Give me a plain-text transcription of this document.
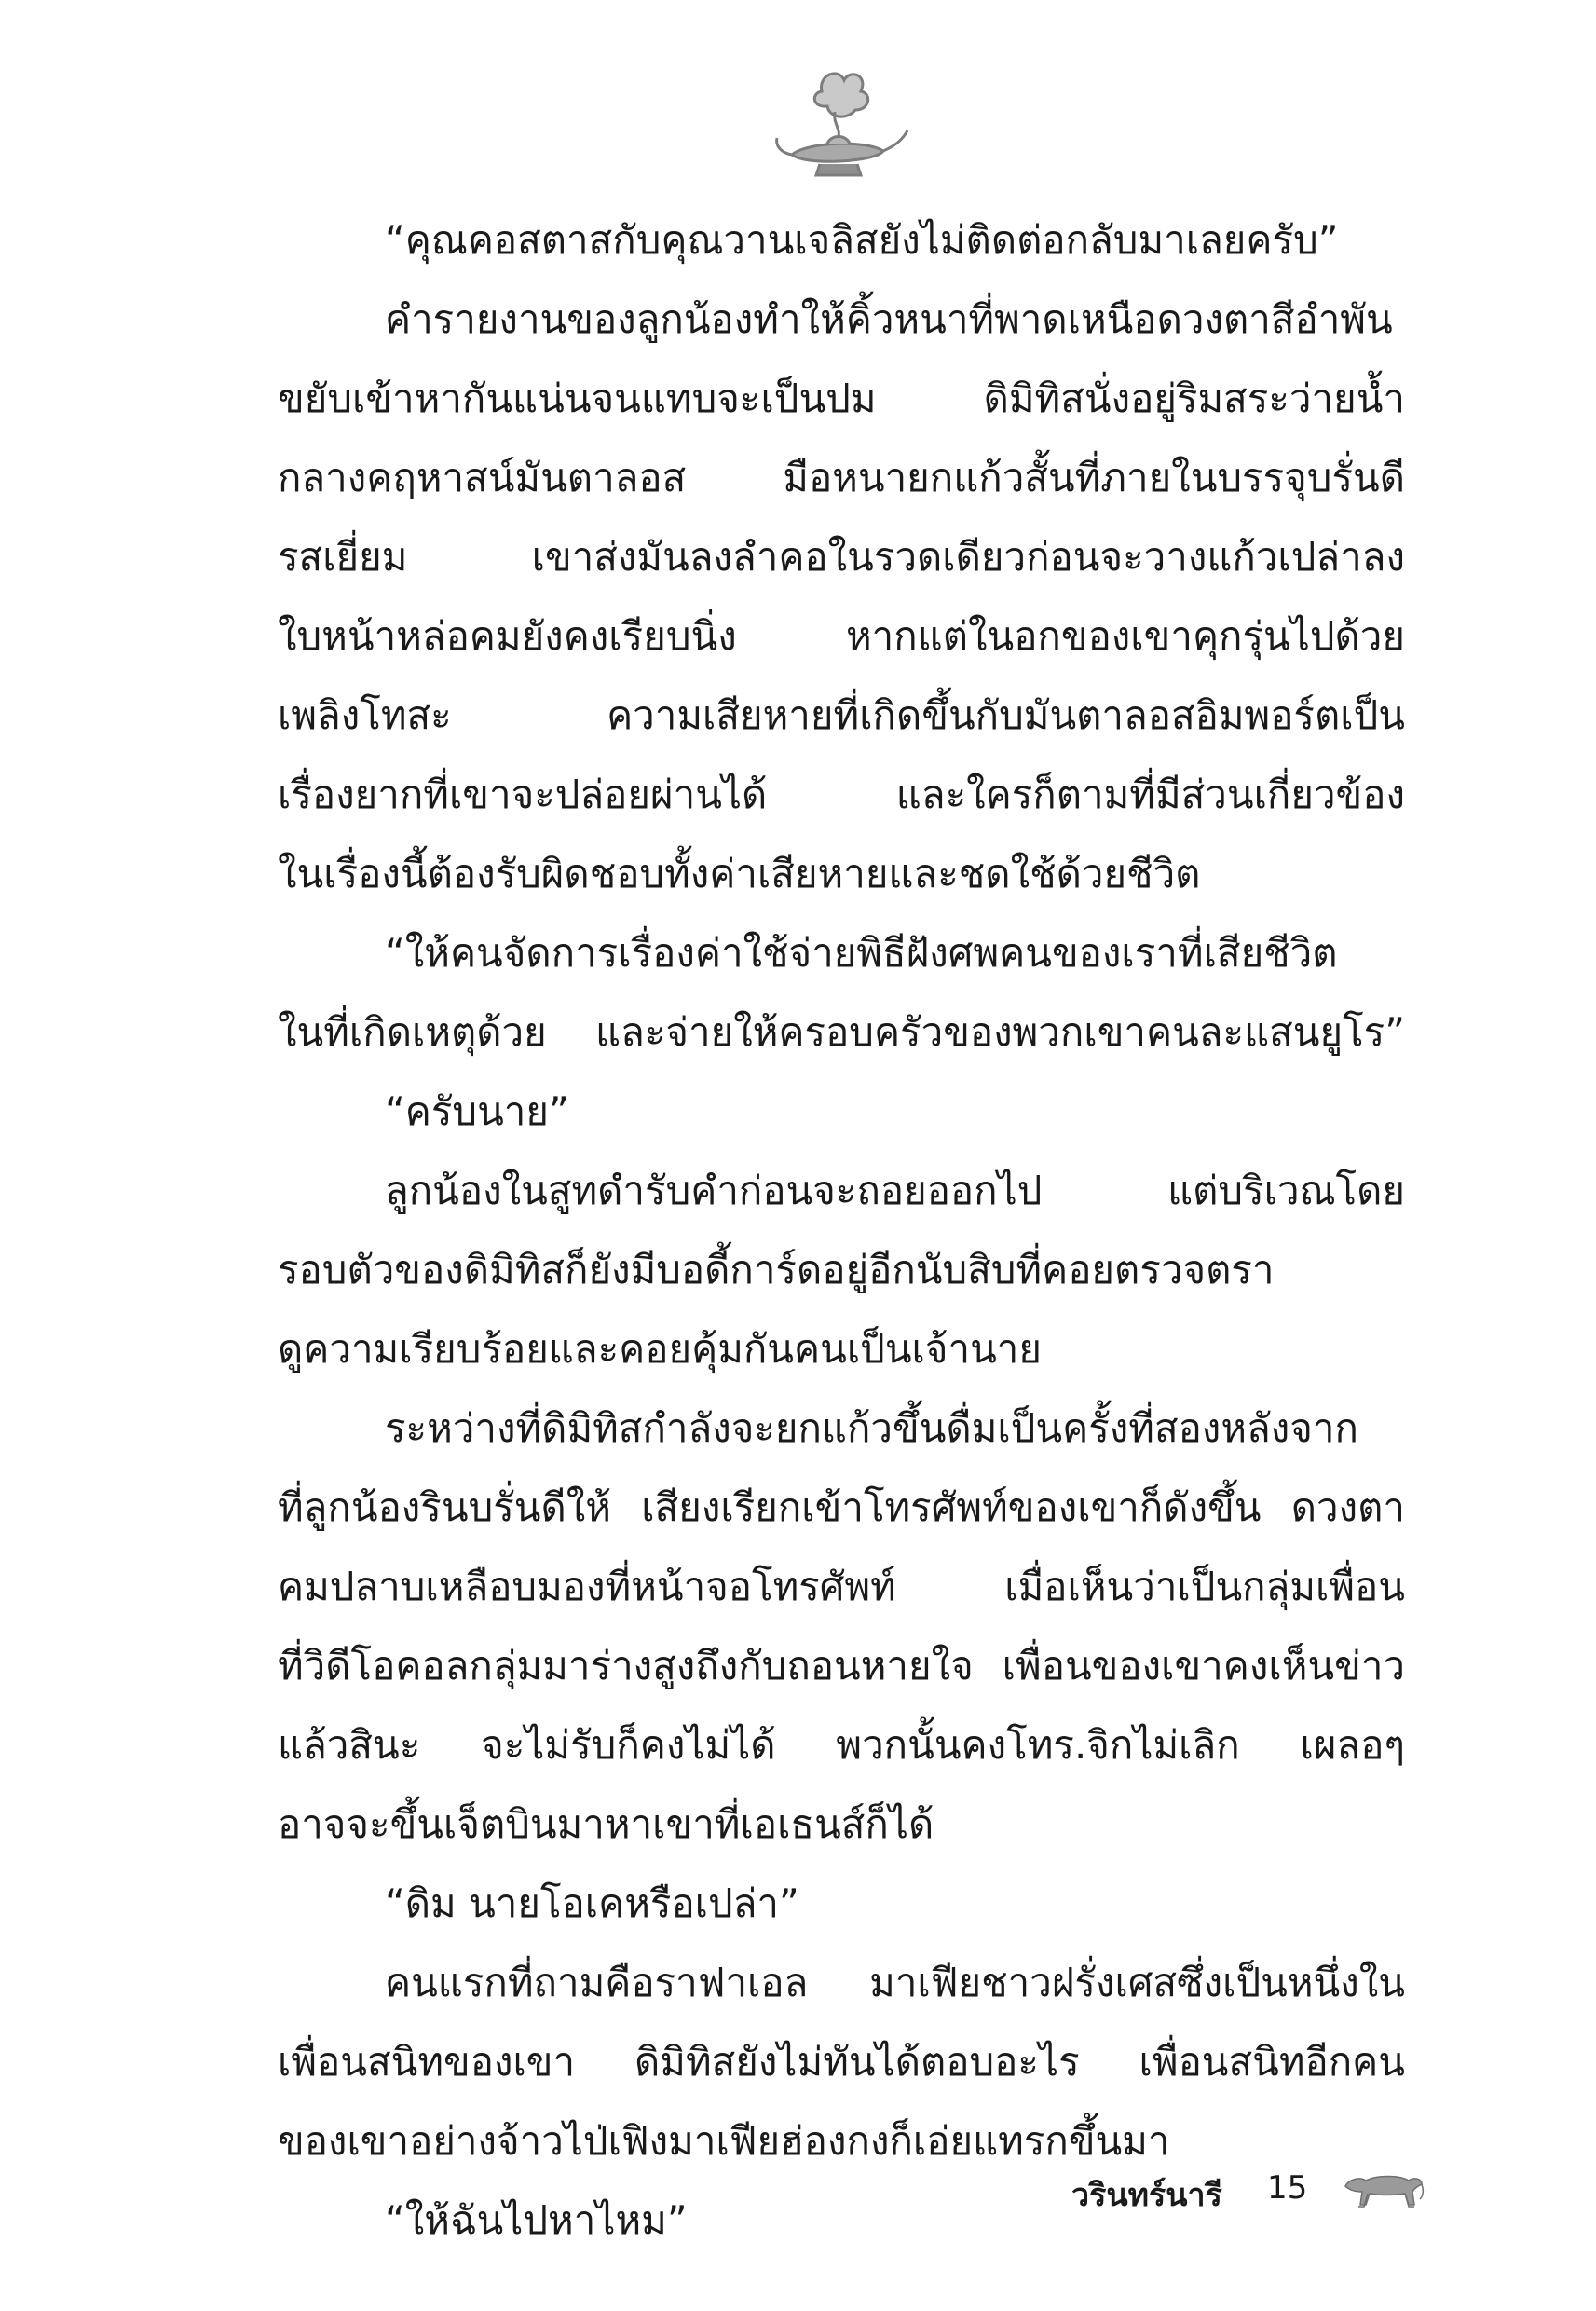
“คุณคอสตาสกับคุณวานเจลิสยังไม่ติดต่อกลับมาเลยครับ”
คำรายงานของลูกน้องทำให้คิ้วหนาที่พาดเหนือดวงตาสีอำพัน
ขยับเข้าหากันแน่นจนแทบจะเป็นปม ดิมิทิสนั่งอยู่ริมสระว่ายน้ำ
กลางคฤหาสน์มันตาลอส มือหนายกแก้วสั้นที่ภายในบรรจุบรั่นดี
รสเยี่ยม เขาส่งมันลงลำคอในรวดเดียวก่อนจะวางแก้วเปล่าลง
ใบหน้าหล่อคมยังคงเรียบนิ่ง หากแต่ในอกของเขาคุกรุ่นไปด้วย
เพลิงโทสะ ความเสียหายที่เกิดขึ้นกับมันตาลอสอิมพอร์ตเป็น
เรื่องยากที่เขาจะปล่อยผ่านได้ และใครก็ตามที่มีส่วนเกี่ยวข้อง
ในเรื่องนี้ต้องรับผิดชอบทั้งค่าเสียหายและชดใช้ด้วยชีวิต
“ให้คนจัดการเรื่องค่าใช้จ่ายพิธีฝังศพคนของเราที่เสียชีวิต
ในที่เกิดเหตุด้วย และจ่ายให้ครอบครัวของพวกเขาคนละแสนยูโร”
“ครับนาย”
ลูกน้องในสูทดำรับคำก่อนจะถอยออกไป แต่บริเวณโดย
รอบตัวของดิมิทิสก็ยังมีบอดี้การ์ดอยู่อีกนับสิบที่คอยตรวจตรา
ดูความเรียบร้อยและคอยคุ้มกันคนเป็นเจ้านาย
ระหว่างที่ดิมิทิสกำลังจะยกแก้วขึ้นดื่มเป็นครั้งที่สองหลังจาก
ที่ลูกน้องรินบรั่นดีให้ เสียงเรียกเข้าโทรศัพท์ของเขาก็ดังขึ้น ดวงตา
คมปลาบเหลือบมองที่หน้าจอโทรศัพท์ เมื่อเห็นว่าเป็นกลุ่มเพื่อน
ที่วิดีโอคอลกลุ่มมาร่างสูงถึงกับถอนหายใจ เพื่อนของเขาคงเห็นข่าว
แล้วสินะ จะไม่รับก็คงไม่ได้ พวกนั้นคงโทร.จิกไม่เลิก เผลอๆ
อาจจะขึ้นเจ็ตบินมาหาเขาที่เอเธนส์ก็ได้
“ดิม นายโอเคหรือเปล่า”
คนแรกที่ถามคือราฟาเอล มาเฟียชาวฝรั่งเศสซึ่งเป็นหนึ่งใน
เพื่อนสนิทของเขา ดิมิทิสยังไม่ทันได้ตอบอะไร เพื่อนสนิทอีกคน
ของเขาอย่างจ้าวไป่เฟิงมาเฟียฮ่องกงก็เอ่ยแทรกขึ้นมา
“ให้ฉันไปหาไหม”
วรินทร์นารี 15
